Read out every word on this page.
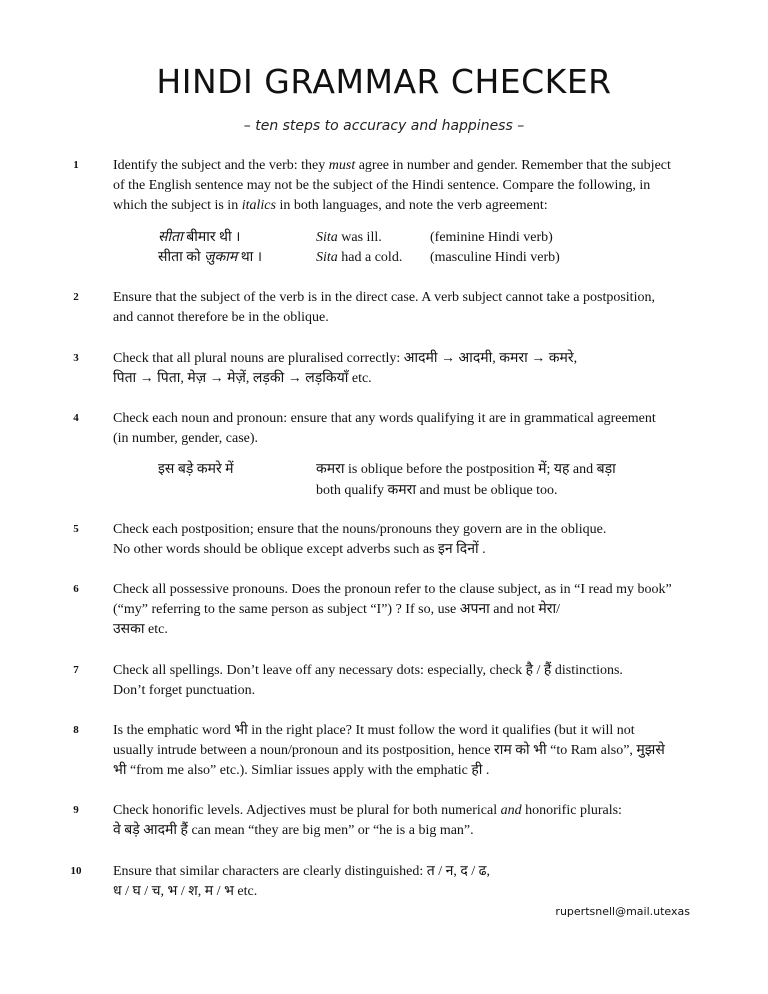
HINDI GRAMMAR CHECKER
– ten steps to accuracy and happiness –
1	Identify the subject and the verb: they must agree in number and gender. Remember that the subject of the English sentence may not be the subject of the Hindi sentence. Compare the following, in which the subject is in italics in both languages, and note the verb agreement:
सीता बीमार थी ।	Sita was ill.	(feminine Hindi verb)
सीता को ज़ुकाम था ।	Sita had a cold. (masculine Hindi verb)
2	Ensure that the subject of the verb is in the direct case. A verb subject cannot take a postposition, and cannot therefore be in the oblique.
3	Check that all plural nouns are pluralised correctly: आदमी → आदमी, कमरा → कमरे,
पिता → पिता, मेज़ → मेज़ें, लड़की → लड़कियाँ etc.
4	Check each noun and pronoun: ensure that any words qualifying it are in grammatical agreement (in number, gender, case).
इस बड़े कमरे में	कमरा is oblique before the postposition में; यह and बड़ा
both qualify कमरा and must be oblique too.
5	Check each postposition; ensure that the nouns/pronouns they govern are in the oblique.
No other words should be oblique except adverbs such as इन दिनों .
6	Check all possessive pronouns. Does the pronoun refer to the clause subject, as in “I read my book” (“my” referring to the same person as subject “I”) ? If so, use अपना and not मेरा/
उसका etc.
7	Check all spellings. Don’t leave off any necessary dots: especially, check है / हैं distinctions.
Don’t forget punctuation.
8	Is the emphatic word भी in the right place? It must follow the word it qualifies (but it will not usually intrude between a noun/pronoun and its postposition, hence राम को भी “to Ram also”, मुझसे भी “from me also” etc.). Simliar issues apply with the emphatic ही .
9	Check honorific levels. Adjectives must be plural for both numerical and honorific plurals:
वे बड़े आदमी हैं can mean “they are big men” or “he is a big man”.
10	Ensure that similar characters are clearly distinguished: त / न, द / ढ,
ध / घ / च, भ / श, म / भ etc.
rupertsnell@mail.utexas
